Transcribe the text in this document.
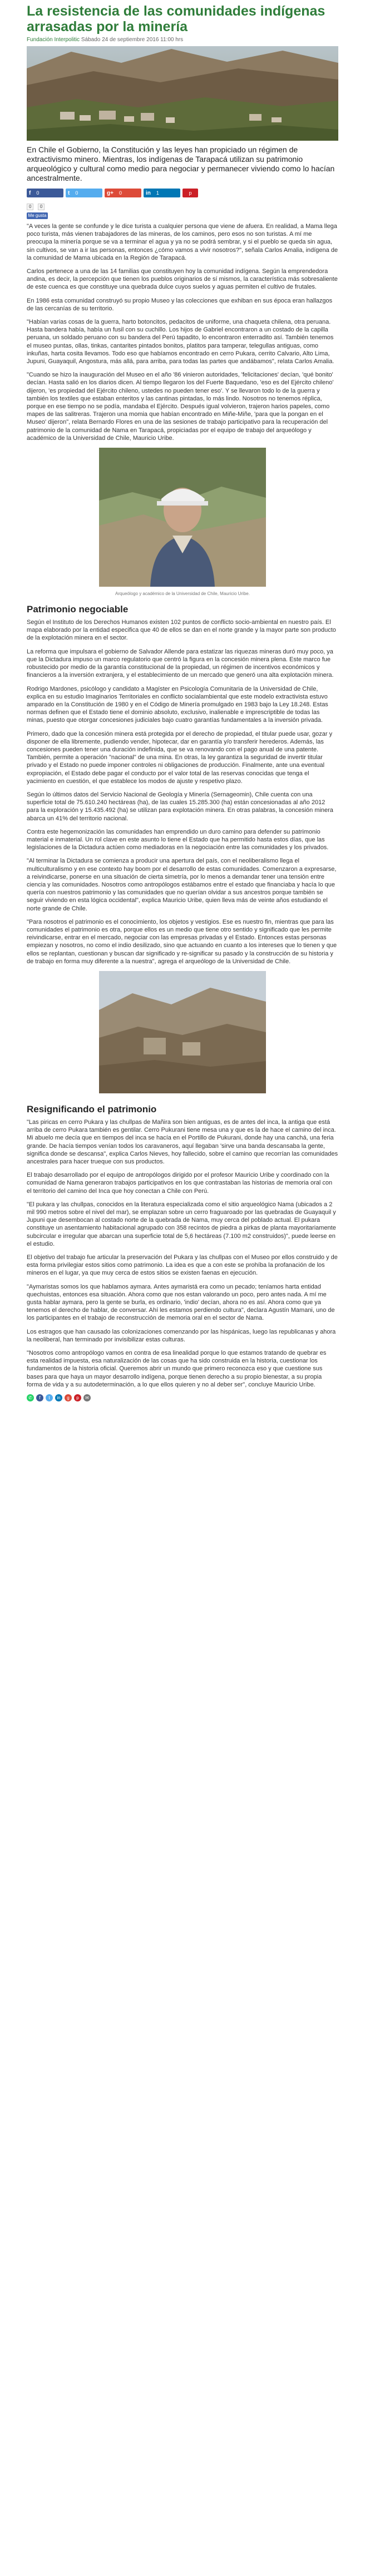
La resistencia de las comunidades indígenas arrasadas por la minería
Fundación Interpolitic Sábado 24 de septiembre 2016 11:00 hrs

En Chile el Gobierno, la Constitución y las leyes han propiciado un régimen de extractivismo minero. Mientras, los indígenas de Tarapacá utilizan su patrimonio arqueológico y cultural como medio para negociar y permanecer viviendo como lo hacían ancestralmente.

f 0	t 0	g+ 0	in 1	p
0 0
Me gusta

"A veces la gente se confunde y le dice turista a cualquier persona que viene de afuera. En realidad, a Mama llega poco turista, más vienen trabajadores de las mineras, de los caminos, pero esos no son turistas. A mí me preocupa la minería porque se va a terminar el agua y ya no se podrá sembrar, y si el pueblo se queda sin agua, sin cultivos, se van a ir las personas, entonces ¿cómo vamos a vivir nosotros?", señala Carlos Amalia, indígena de la comunidad de Mama ubicada en la Región de Tarapacá.

Carlos pertenece a una de las 14 familias que constituyen hoy la comunidad indígena. Según la emprendedora andina, es decir, la percepción que tienen los pueblos originarios de sí mismos, la característica más sobresaliente de este cuenca es que constituye una quebrada dulce cuyos suelos y aguas permiten el cultivo de frutales.

En 1986 esta comunidad construyó su propio Museo y las colecciones que exhiban en sus época eran hallazgos de las cercanías de su territorio.

"Habían varias cosas de la guerra, harto botoncitos, pedacitos de uniforme, una chaqueta chilena, otra peruana. Hasta bandera había, había un fusil con su cuchillo. Los hijos de Gabriel encontraron a un costado de la capilla peruana, un soldado peruano con su bandera del Perú tapadito, lo encontraron enterradito así. También tenemos el museo puntas, ollas, tinkas, cantarites pintados bonitos, platitos para tamperar, telegullas antiguas, como inkuñas, harta cosita llevamos. Todo eso que habíamos encontrado en cerro Pukara, cerrito Calvario, Alto Lima, Jupuni, Guayaquil, Angostura, más allá, para arriba, para todas las partes que andábamos", relata Carlos Amalia.

"Cuando se hizo la inauguración del Museo en el año '86 vinieron autoridades, 'felicitaciones' decían, 'qué bonito' decían. Hasta salió en los diarios dicen. Al tiempo llegaron los del Fuerte Baquedano, 'eso es del Ejército chileno' dijeron, 'es propiedad del Ejército chileno, ustedes no pueden tener eso'. Y se llevaron todo lo de la guerra y también los textiles que estaban enteritos y las cantinas pintadas, lo más lindo. Nosotros no tenemos réplica, porque en ese tiempo no se podía, mandaba el Ejército. Después igual volvieron, trajeron harios papeles, como mapes de las salitreras. Trajeron una momia que habían encontrado en Miñe-Miñe, 'para que la pongan en el Museo' dijeron", relata Bernardo Flores en una de las sesiones de trabajo participativo para la recuperación del patrimonio de la comunidad de Nama en Tarapacá, propiciadas por el equipo de trabajo del arqueólogo y académico de la Universidad de Chile, Mauricio Uribe.

Arqueólogo y académico de la Universidad de Chile, Mauricio Uribe.
Patrimonio negociable

Según el Instituto de los Derechos Humanos existen 102 puntos de conflicto socio-ambiental en nuestro país. El mapa elaborado por la entidad especifica que 40 de ellos se dan en el norte grande y la mayor parte son producto de la explotación minera en el sector.

La reforma que impulsara el gobierno de Salvador Allende para estatizar las riquezas mineras duró muy poco, ya que la Dictadura impuso un marco regulatorio que centró la figura en la concesión minera plena. Este marco fue robustecido por medio de la garantía constitucional de la propiedad, un régimen de incentivos económicos y financieros a la inversión extranjera, y el establecimiento de un mercado que generó una alta explotación minera.

Rodrigo Mardones, psicólogo y candidato a Magíster en Psicología Comunitaria de la Universidad de Chile, explica en su estudio Imaginarios Territoriales en conflicto socialambiental que este modelo extractivista estuvo amparado en la Constitución de 1980 y en el Código de Minería promulgado en 1983 bajo la Ley 18.248. Estas normas definen que el Estado tiene el dominio absoluto, exclusivo, inalienable e imprescriptible de todas las minas, puesto que otorgar concesiones judiciales bajo cuatro garantías fundamentales a la inversión privada.

Primero, dado que la concesión minera está protegida por el derecho de propiedad, el titular puede usar, gozar y disponer de ella libremente, pudiendo vender, hipotecar, dar en garantía y/o transferir herederos. Además, las concesiones pueden tener una duración indefinida, que se va renovando con el pago anual de una patente. También, permite a operación "nacional" de una mina. En otras, la ley garantiza la seguridad de invertir titular privado y el Estado no puede imponer controles ni obligaciones de producción. Finalmente, ante una eventual expropiación, el Estado debe pagar el conducto por el valor total de las reservas conocidas que tenga el yacimiento en cuestión, el que establece los modos de ajuste y respetivo plazo.

Según lo últimos datos del Servicio Nacional de Geología y Minería (Sernageomin), Chile cuenta con una superficie total de 75.610.240 hectáreas (ha), de las cuales 15.285.300 (ha) están concesionadas al año 2012 para la exploración y 15.435.492 (ha) se utilizan para explotación minera. En otras palabras, la concesión minera abarca un 41% del territorio nacional.

Contra este hegemonización las comunidades han emprendido un duro camino para defender su patrimonio material e inmaterial. Un rol clave en este asunto lo tiene el Estado que ha permitido hasta estos días, que las legislaciones de la Dictadura actúen como mediadoras en la negociación entre las comunidades y los privados.

"Al terminar la Dictadura se comienza a producir una apertura del país, con el neoliberalismo llega el multiculturalismo y en ese contexto hay boom por el desarrollo de estas comunidades. Comenzaron a expresarse, a reivindicarse, ponerse en una situación de cierta simetría, por lo menos a demandar tener una tensión entre ciencia y las comunidades. Nosotros como antropólogos estábamos entre el estado que financiaba y hacía lo que quería con nuestros patrimonio y las comunidades que no querían olvidar a sus ancestros porque también se seguir viviendo en esta lógica occidental", explica Mauricio Uribe, quien lleva más de veinte años estudiando el norte grande de Chile.

"Para nosotros el patrimonio es el conocimiento, los objetos y vestigios. Ese es nuestro fin, mientras que para las comunidades el patrimonio es otra, porque ellos es un medio que tiene otro sentido y significado que les permite reivindicarse, entrar en el mercado, negociar con las empresas privadas y el Estado. Entonces estas personas empiezan y nosotros, no como el indio desilizado, sino que actuando en cuanto a los intereses que lo tienen y que ellos se replantan, cuestionan y buscan dar significado y re-significar su pasado y la construcción de su historia y de trabajo en forma muy diferente a la nuestra", agrega el arqueólogo de la Universidad de Chile.

Resignificando el patrimonio

"Las piricas en cerro Pukara y las chullpas de Mañira son bien antiguas, es de antes del inca, la antiga que está arriba de cerro Pukara también es gentilar. Cerro Pukurani tiene mesa una y que es la de hace el camino del inca. Mi abuelo me decía que en tiempos del inca se hacía en el Portillo de Pukurani, donde hay una canchá, una feria grande. De hacía tiempos venían todos los caravaneros, aquí llegaban 'sirve una banda descansaba la gente, significa donde se descansa", explica Carlos Nieves, hoy fallecido, sobre el camino que recorrían las comunidades ancestrales para hacer trueque con sus productos.

El trabajo desarrollado por el equipo de antropólogos dirigido por el profesor Mauricio Uribe y coordinado con la comunidad de Nama generaron trabajos participativos en los que contrastaban las historias de memoria oral con el territorio del camino del Inca que hoy conectan a Chile con Perú.

"El pukara y las chullpas, conocidos en la literatura especializada como el sitio arqueológico Nama (ubicados a 2 mil 990 metros sobre el nivel del mar), se emplazan sobre un cerro fraguaroado por las quebradas de Guayaquil y Jupuni que desembocan al costado norte de la quebrada de Nama, muy cerca del poblado actual. El pukara constituye un asentamiento habitacional agrupado con 358 recintos de piedra a pirkas de planta mayoritariamente subcircular e irregular que abarcan una superficie total de 5,6 hectáreas (7.100 m2 construidos)", puede leerse en el estudio.

El objetivo del trabajo fue articular la preservación del Pukara y las chullpas con el Museo por ellos construido y de esta forma privilegiar estos sitios como patrimonio. La idea es que a con este se prohíba la profanación de los mineros en el lugar, ya que muy cerca de estos sitios se existen faenas en ejecución.

"Aymaristas somos los que hablamos aymara. Antes aymaristá era como un pecado; teníamos harta entidad quechuistas, entonces esa situación. Ahora como que nos estan valorando un poco, pero antes nada. A mí me gusta hablar aymara, pero la gente se burla, es ordinario, 'indio' decían, ahora no es así. Ahora como que ya tenemos el derecho de hablar, de conversar. Ahí les estamos perdiendo cultura", declara Agustín Mamani, uno de los participantes en el trabajo de reconstrucción de memoria oral en el sector de Nama.

Los estragos que han causado las colonizaciones comenzando por las hispánicas, luego las republicanas y ahora la neoliberal, han terminado por invisibilizar estas culturas.

"Nosotros como antropólogo vamos en contra de esa linealidad porque lo que estamos tratando de quebrar es esta realidad impuesta, esa naturalización de las cosas que ha sido construida en la historia, cuestionar los fundamentos de la historia oficial. Queremos abrir un mundo que primero reconozca eso y que cuestione sus bases para que haya un mayor desarrollo indígena, porque tienen derecho a su propio bienestar, a su propia forma de vida y a su autodeterminación, a lo que ellos quieren y no al deber ser", concluye Mauricio Uribe.

✆	f	t	in	g	p	✉
